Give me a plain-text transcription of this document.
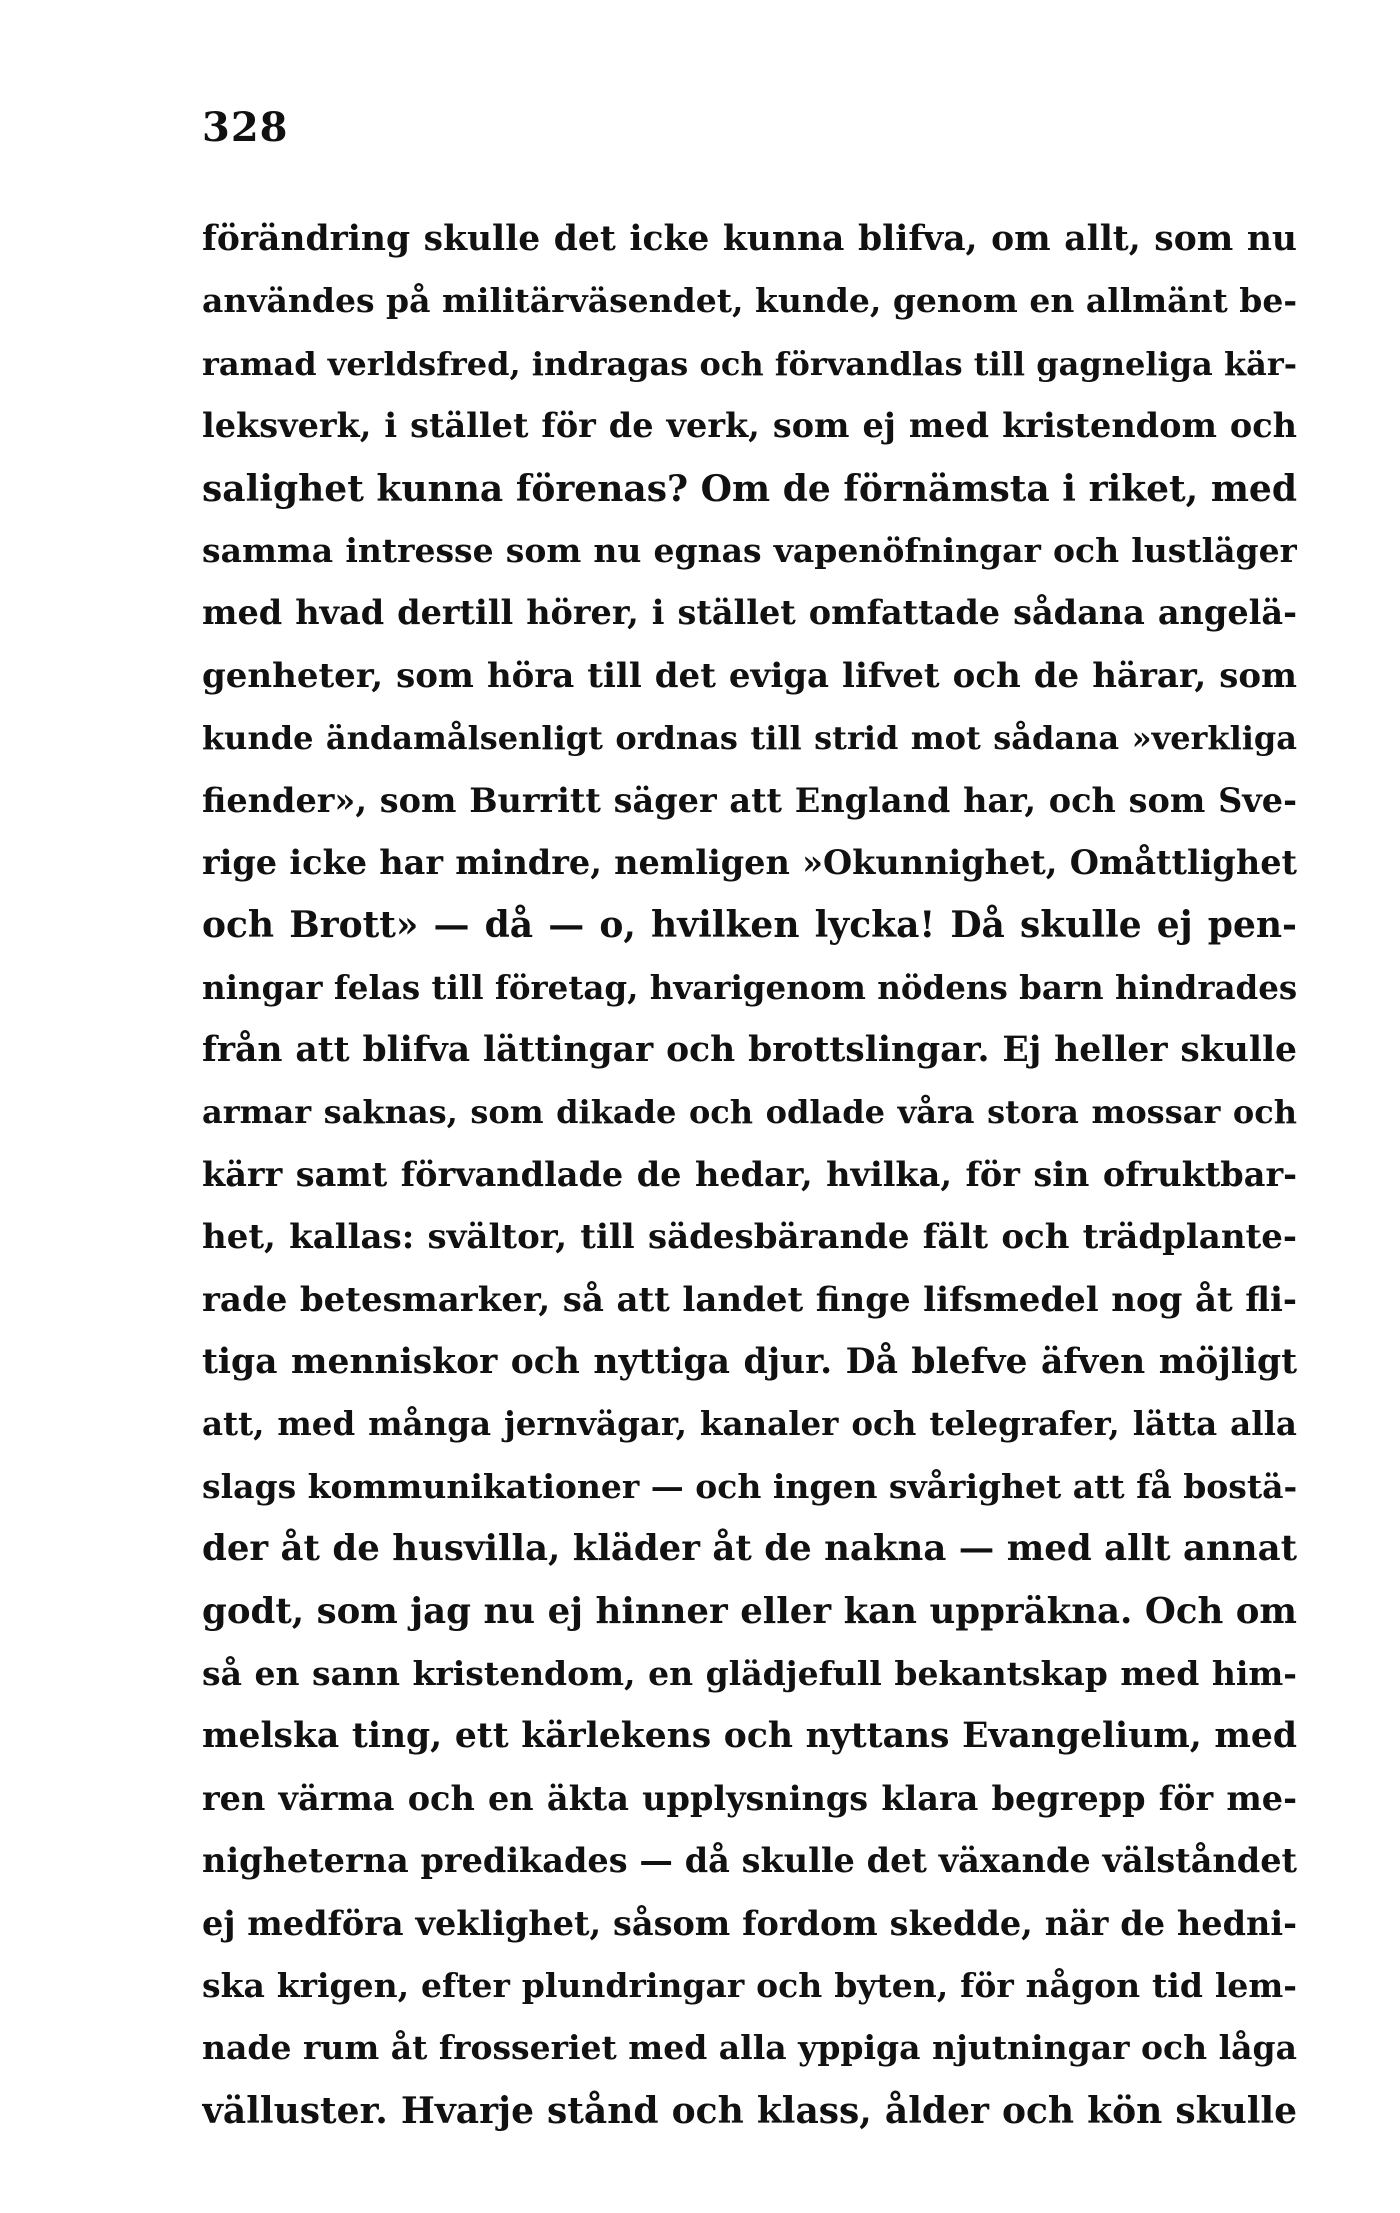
328
förändring skulle det icke kunna blifva, om allt, som nu
användes på militärväsendet, kunde, genom en allmänt be-
ramad verldsfred, indragas och förvandlas till gagneliga kär-
leksverk, i stället för de verk, som ej med kristendom och
salighet kunna förenas? Om de förnämsta i riket, med
samma intresse som nu egnas vapenöfningar och lustläger
med hvad dertill hörer, i stället omfattade sådana angelä-
genheter, som höra till det eviga lifvet och de härar, som
kunde ändamålsenligt ordnas till strid mot sådana »verkliga
fiender», som Burritt säger att England har, och som Sve-
rige icke har mindre, nemligen »Okunnighet, Omåttlighet
och Brott» — då — o, hvilken lycka! Då skulle ej pen-
ningar felas till företag, hvarigenom nödens barn hindrades
från att blifva lättingar och brottslingar. Ej heller skulle
armar saknas, som dikade och odlade våra stora mossar och
kärr samt förvandlade de hedar, hvilka, för sin ofruktbar-
het, kallas: svältor, till sädesbärande fält och trädplante-
rade betesmarker, så att landet finge lifsmedel nog åt fli-
tiga menniskor och nyttiga djur. Då blefve äfven möjligt
att, med många jernvägar, kanaler och telegrafer, lätta alla
slags kommunikationer — och ingen svårighet att få bostä-
der åt de husvilla, kläder åt de nakna — med allt annat
godt, som jag nu ej hinner eller kan uppräkna. Och om
så en sann kristendom, en glädjefull bekantskap med him-
melska ting, ett kärlekens och nyttans Evangelium, med
ren värma och en äkta upplysnings klara begrepp för me-
nigheterna predikades — då skulle det växande välståndet
ej medföra veklighet, såsom fordom skedde, när de hedni-
ska krigen, efter plundringar och byten, för någon tid lem-
nade rum åt frosseriet med alla yppiga njutningar och låga
välluster. Hvarje stånd och klass, ålder och kön skulle
